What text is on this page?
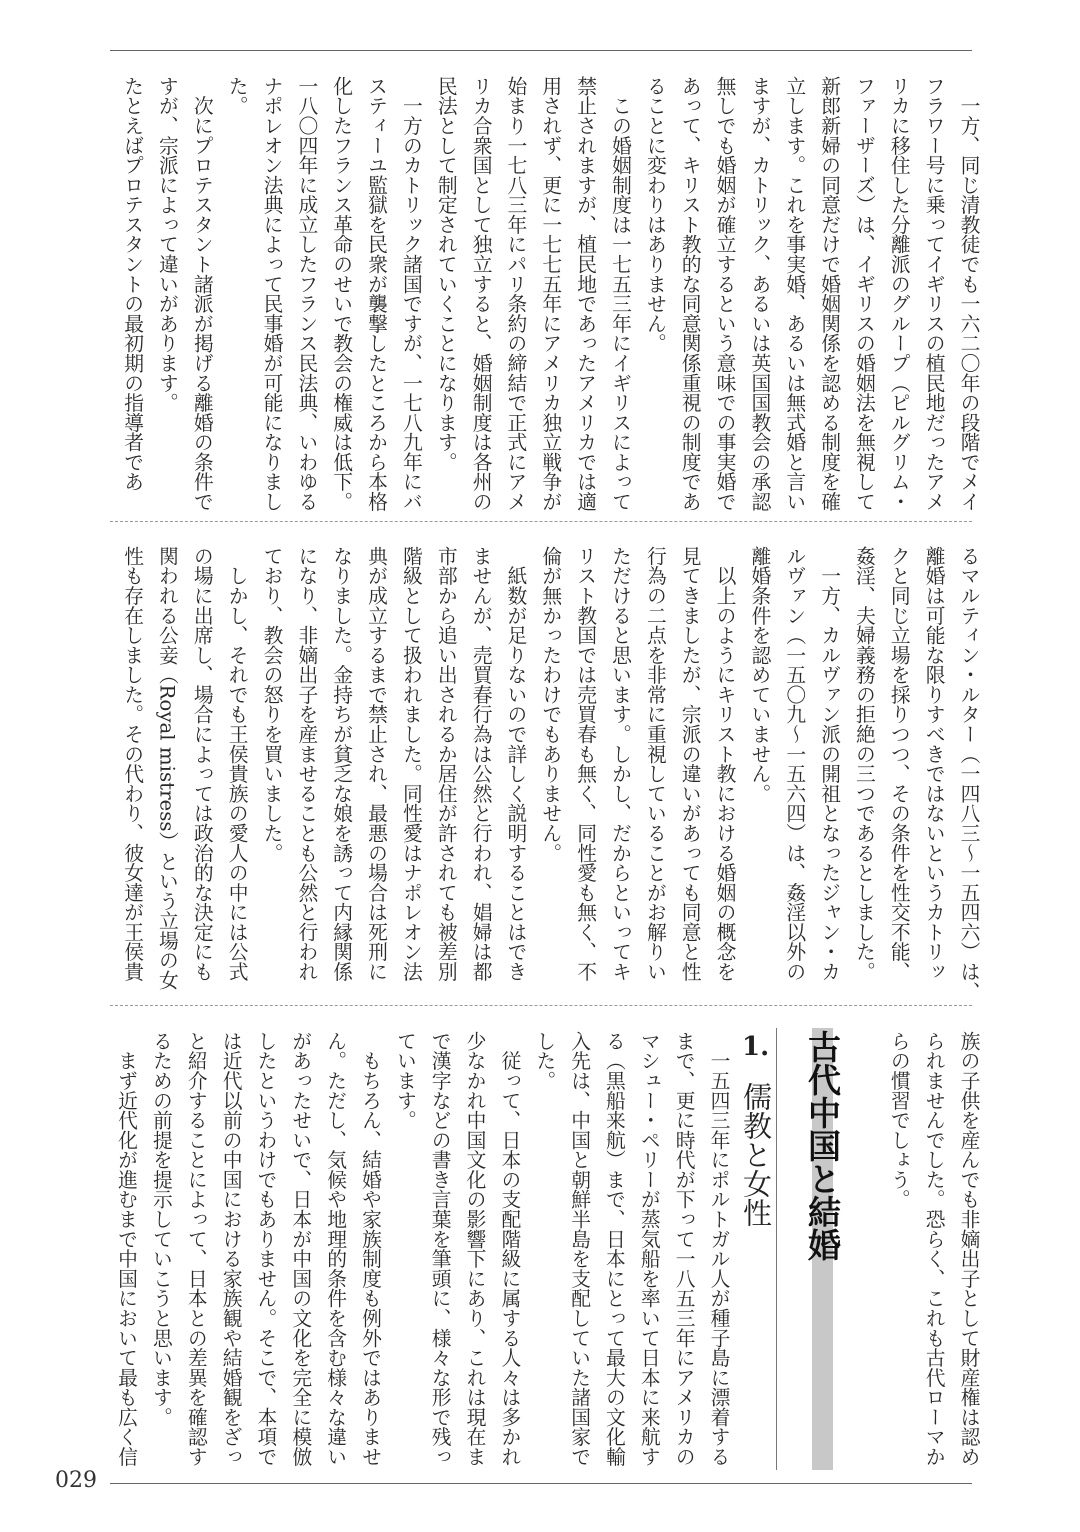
　一方、同じ清教徒でも一六二〇年の段階でメイ
フラワー号に乗ってイギリスの植民地だったアメ
リカに移住した分離派のグループ（ピルグリム・
ファーザーズ）は、イギリスの婚姻法を無視して
新郎新婦の同意だけで婚姻関係を認める制度を確
立します。これを事実婚、あるいは無式婚と言い
ますが、カトリック、あるいは英国国教会の承認
無しでも婚姻が確立するという意味での事実婚で
あって、キリスト教的な同意関係重視の制度であ
ることに変わりはありません。
　この婚姻制度は一七五三年にイギリスによって
禁止されますが、植民地であったアメリカでは適
用されず、更に一七七五年にアメリカ独立戦争が
始まり一七八三年にパリ条約の締結で正式にアメ
リカ合衆国として独立すると、婚姻制度は各州の
民法として制定されていくことになります。
　一方のカトリック諸国ですが、一七八九年にバ
スティーユ監獄を民衆が襲撃したところから本格
化したフランス革命のせいで教会の権威は低下。
一八〇四年に成立したフランス民法典、いわゆる
ナポレオン法典によって民事婚が可能になりまし
た。
　次にプロテスタント諸派が掲げる離婚の条件で
すが、宗派によって違いがあります。
たとえばプロテスタントの最初期の指導者であ
るマルティン・ルター（一四八三〜一五四六）は、
離婚は可能な限りすべきではないというカトリッ
クと同じ立場を採りつつ、その条件を性交不能、
姦淫、夫婦義務の拒絶の三つであるとしました。
　一方、カルヴァン派の開祖となったジャン・カ
ルヴァン（一五〇九〜一五六四）は、姦淫以外の
離婚条件を認めていません。
　以上のようにキリスト教における婚姻の概念を
見てきましたが、宗派の違いがあっても同意と性
行為の二点を非常に重視していることがお解りい
ただけると思います。しかし、だからといってキ
リスト教国では売買春も無く、同性愛も無く、不
倫が無かったわけでもありません。
　紙数が足りないので詳しく説明することはでき
ませんが、売買春行為は公然と行われ、娼婦は都
市部から追い出されるか居住が許されても被差別
階級として扱われました。同性愛はナポレオン法
典が成立するまで禁止され、最悪の場合は死刑に
なりました。金持ちが貧乏な娘を誘って内縁関係
になり、非嫡出子を産ませることも公然と行われ
ており、教会の怒りを買いました。
　しかし、それでも王侯貴族の愛人の中には公式
の場に出席し、場合によっては政治的な決定にも
関われる公妾（Royal mistress）という立場の女
性も存在しました。その代わり、彼女達が王侯貴
族の子供を産んでも非嫡出子として財産権は認め
られませんでした。恐らく、これも古代ローマか
らの慣習でしょう。
　一五四三年にポルトガル人が種子島に漂着する
まで、更に時代が下って一八五三年にアメリカの
マシュー・ペリーが蒸気船を率いて日本に来航す
る（黒船来航）まで、日本にとって最大の文化輸
入先は、中国と朝鮮半島を支配していた諸国家で
した。
　従って、日本の支配階級に属する人々は多かれ
少なかれ中国文化の影響下にあり、これは現在ま
で漢字などの書き言葉を筆頭に、様々な形で残っ
ています。
　もちろん、結婚や家族制度も例外ではありませ
ん。ただし、気候や地理的条件を含む様々な違い
があったせいで、日本が中国の文化を完全に模倣
したというわけでもありません。そこで、本項で
は近代以前の中国における家族観や結婚観をざっ
と紹介することによって、日本との差異を確認す
るための前提を提示していこうと思います。
　まず近代化が進むまで中国において最も広く信	古代中国と結婚
1.
儒教と女性
029
